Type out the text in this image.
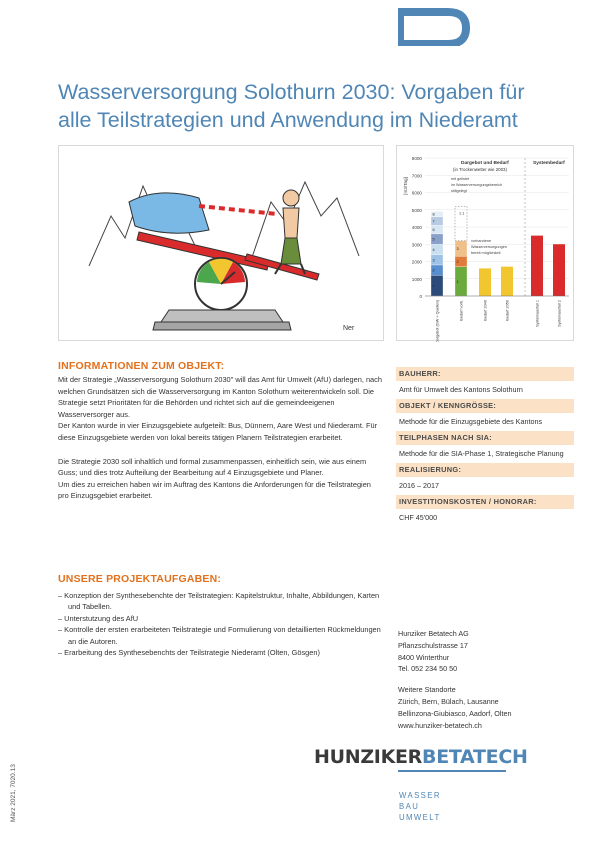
Wasserversorgung Solothurn 2030: Vorgaben für alle Teilstrategien und Anwendung im Niederamt
Ner
0
1000
2000
3000
4000
5000
6000
7000
8000
[m3/Tag]
Dargebot und Bedarf
(in Trockenwetter wie 2003)
Systembedarf
1
2
3
4
5
6
7
8
1
2
3
1.1
mit gelistet
im Wasserversorgungsbereich
stillgelegt
vorhandene
Wasserversorgungen
bereit möglichkeit
Dargebot (GW + Quellen)	Bedarf vorh.	Bedarf 2040	Bedarf 2050	Systemausfall 1	Systemausfall 2
INFORMATIONEN ZUM OBJEKT:

Mit der Strategie „Wasserversorgung Solothurn 2030" will das Amt für Umwelt (AfU) darlegen, nach welchen Grundsätzen sich die Wasserversorgung im Kanton Solothurn weiterentwickeln soll. Die Strategie setzt Prioritäten für die Behörden und richtet sich auf die gemeindeeigenen Wasserversorger aus.

Der Kanton wurde in vier Einzugsgebiete aufgeteilt: Bus, Dünnern, Aare West und Niederamt. Für diese Einzugsgebiete werden von lokal bereits tätigen Planern Teilstrategien erarbeitet.

Die Strategie 2030 soll inhaltlich und formal zusammenpassen, einheitlich sein, wie aus einem Guss; und dies trotz Aufteilung der Bearbeitung auf 4 Einzugsgebiete und Planer.

Um dies zu erreichen haben wir im Auftrag des Kantons die Anforderungen für die Teilstrategien pro Einzugsgebiet erarbeitet.

UNSERE PROJEKTAUFGABEN:
– Konzeption der Synthesebenchte der Teilstrategien: Kapitelstruktur, Inhalte, Abbildungen, Karten und Tabellen.
– Unterstutzung des AfU
– Kontrolle der ersten erarbeiteten Teilstrategie und Formulierung von detaillierten Rückmeldungen an die Autoren.
– Erarbeitung des Synthesebenchts der Teilstrategie Niederamt (Olten, Gösgen)
BAUHERR:
Amt für Umwelt des Kantons Solothurn
OBJEKT / KENNGRÖSSE:
Methode für die Einzugsgebiete des Kantons
TEILPHASEN NACH SIA:
Methode für die SIA-Phase 1, Strategische Planung
REALISIERUNG:
2016 – 2017
INVESTITIONSKOSTEN / HONORAR:
CHF 45'000
Hunziker Betatech AG
Pflanzschulstrasse 17
8400 Winterthur
Tel. 052 234 50 50
Weitere Standorte
Zürich, Bern, Bülach, Lausanne
Bellinzona-Giubiasco, Aadorf, Olten
www.hunziker-betatech.ch
HUNZIKERBETATECH
WASSER
BAU
UMWELT
März 2021, 7020.13
